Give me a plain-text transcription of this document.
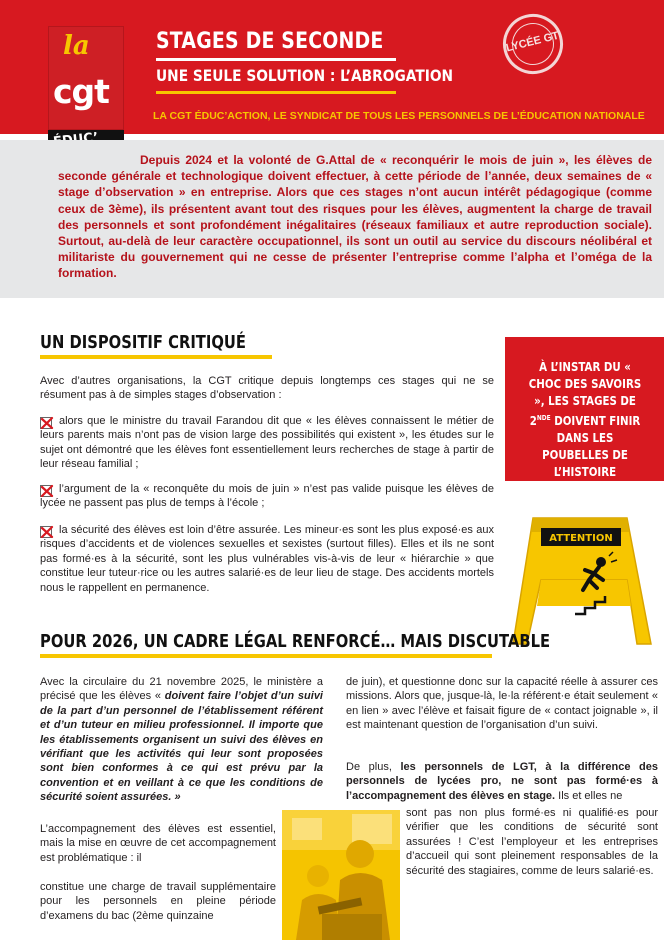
la
cgt

STAGES DE SECONDE
UNE SEULE SOLUTION : L’ABROGATION
LA CGT ÉDUC’ACTION, LE SYNDICAT DE TOUS LES PERSONNELS DE L’ÉDUCATION NATIONALE
LYCÉE GT
Depuis 2024 et la volonté de G.Attal de « reconquérir le mois de juin », les élèves de seconde générale et technologique doivent effectuer, à cette période de l’année, deux semaines de « stage d’observation » en entreprise. Alors que ces stages n’ont aucun intérêt pédagogique (comme ceux de 3ème), ils présentent avant tout des risques pour les élèves, augmentent la charge de travail des personnels et sont profondément inégalitaires (réseaux familiaux et autre reproduction sociale). Surtout, au-delà de leur caractère occupationnel, ils sont un outil au service du discours néolibéral et militariste du gouvernement qui ne cesse de présenter l’entreprise comme l’alpha et l’oméga de la formation.
UN DISPOSITIF CRITIQUÉ
Avec d’autres organisations, la CGT critique depuis longtemps ces stages qui ne se résument pas à de simples stages d’observation :
alors que le ministre du travail Farandou dit que « les élèves connaissent le métier de leurs parents mais n’ont pas de vision large des possibilités qui existent », les études sur le sujet ont démontré que les élèves font essentiellement leurs recherches de stage à partir de leur réseau familial ;
l’argument de la « reconquête du mois de juin » n’est pas valide puisque les élèves de lycée ne passent pas plus de temps à l’école ;
la sécurité des élèves est loin d’être assurée. Les mineur·es sont les plus exposé·es aux risques d’accidents et de violences sexuelles et sexistes (surtout filles). Elles et ils ne sont pas formé·es à la sécurité, sont les plus vulnérables vis-à-vis de leur « hiérarchie » que constitue leur tuteur·rice ou les autres salarié·es de leur lieu de stage. Des accidents mortels nous le rappellent en permanence.
À L’INSTAR DU « CHOC DES SAVOIRS », LES STAGES DE 2NDE DOIVENT FINIR DANS LES POUBELLES DE L’HISTOIRE
ATTENTION
POUR 2026, UN CADRE LÉGAL RENFORCÉ… MAIS DISCUTABLE
Avec la circulaire du 21 novembre 2025, le ministère a précisé que les élèves « doivent faire l’objet d’un suivi de la part d’un personnel de l’établissement référent et d’un tuteur en milieu professionnel. Il importe que les établissements organisent un suivi des élèves en vérifiant que les activités qui leur sont proposées sont bien conformes à ce qui est prévu par la convention et en veillant à ce que les conditions de sécurité soient assurées. »
L’accompagnement des élèves est essentiel, mais la mise en œuvre de cet accompagnement est problématique : il
constitue une charge de travail supplémentaire pour les personnels en pleine période d’examens du bac (2ème quinzaine
de juin), et questionne donc sur la capacité réelle à assurer ces missions. Alors que, jusque-là, le·la référent·e était seulement « en lien » avec l’élève et faisait figure de « contact joignable », il est maintenant question de l’organisation d’un suivi.
De plus, les personnels de LGT, à la différence des personnels de lycées pro, ne sont pas formé·es à l’accompagnement des élèves en stage. Ils et elles ne
sont pas non plus formé·es ni qualifié·es pour vérifier que les conditions de sécurité sont assurées ! C’est l’employeur et les entreprises d’accueil qui sont pleinement responsables de la sécurité des stagiaires, comme de leurs salarié·es.
